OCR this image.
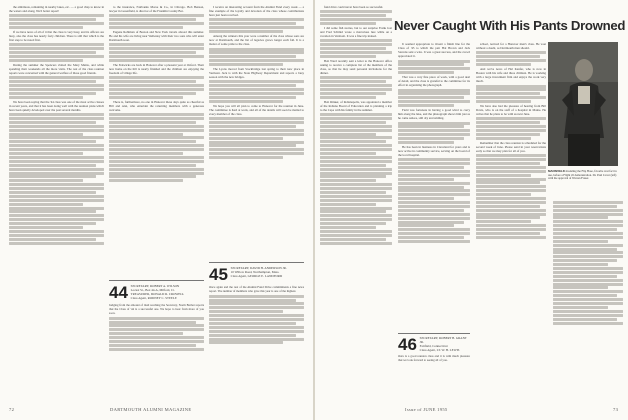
the ambitious, remaining in nearby lakes, etc. — a good chap to know in the waters and along, We'd better report!

If we have news of all of it that the class is very busy, and its officers are busy, also the class has nearly forty children. There is still that which is the first step to be noted first.

During the summer the Spencers visited the Mary Mains, and while spending their weekends all the more visits. The rest of the class reunion reports were concerned with the general welfare of those good friends.

We have been saying that the '44 class was one of the most active classes in recent years, and that it has been doing well with the reunion plans which have been quietly developed over the past several months.

to the insurance, Fairbanks Morse & Co., in Chicago. Bob Benson, lawyer in Greenfield, is director of the Franklin County Bar.

Eugene Rohlman of Boston and New York travels abroad this summer. He and his wife are living near Wellesley with their two sons who will enter Dartmouth soon.

The Fenwicks are back in Hanover after a pleasant year at Oxford. Their new home on the hill is nearly finished and the children are enjoying the freedom of village life.

There is, furthermore, no one in Hanover these days quite as cheerful as Bill and Ann, who entertain the returning members with a generous welcome.

I receive an interesting account from the Alumni Fund every week — a fine example of the loyalty and devotion of the class whose contributions have just been received.

Among the winners this year were a number of the class whose sons are now at Dartmouth, and the list of legacies grows longer each fall. It is a matter of some pride to the class.

The Lyons moved from Stockbridge last spring to their new place in Vermont. Jack is with the State Highway Department and reports a busy season with the new bridges.

We hope you will all plan to come to Hanover for the reunion in June. The committee is hard at work, and all of the details will soon be mailed to every member of the class.

44 SECRETARY, ROBERT A. WILSON
Locust St., Box 44-A, Milford, Ct.
TREASURER, DONALD R. CROWELL
Class Agent, RODNEY C. STEELE
Judging from the amount of mail reaching the Secretary, Norm Barber reports that the Class of '44 is a successful one. We hope to hear from more of you soon.
45 SECRETARY, DAVID H. ANDERSON JR.
10 Willow Road, Northampton, Mass.
Class Agent, GEORGE E. LANDFORD
Once again and the rest of the Alumni Fund Drive commitments a fine news report. The number of members who gave this year is one of the highest.
72	DARTMOUTH ALUMNI MAGAZINE

fund drive could never have been so successful.

I did some fish stories, but to our surprise Frank Jost and Fred Schmid wrote a marvelous lure while on a vacation in Vermont. It was a fine trip indeed.

Bob Ward recently sent a letter to the Hanover office asking to receive a complete list of the members of the class, so that he may send personal invitations for the dinner.

Bob Rinker, of Indianapolis, was appointed a member of the Indiana Board of Education and is planning a trip to the Cape with his family in the summer.

It seemed appropriate to invent a finish line for the Class of '45 to which the pair Hal Brown and Jack Stevens sent a wire. It was a great success, and the crowd appreciated it.

That was a very fine piece of work, with a good deal of detail, and the class is grateful to the committee for its effort in organizing the photograph.

Field was fortunate in having a good wind to carry him along the lake, and the photograph shows him just as he came ashore, still dry and smiling.

He has been in business in Cleveland for years and is now active in community service, serving on the board of the local hospital.

school, noticed for a Hanover men's class. He won without a doubt, as Dartmouth men should.

And we've news of Hal Kanfer, who is now in Boston with his wife and three children. He is working with a large investment firm and enjoys the work very much.

We have also had the pleasure of hearing from Bill Davis, who is on the staff of a hospital in Maine. He writes that he plans to be with us next June.

Remember that the class reunion is scheduled for the second week of June. Please send in your reservations early so that we may plan for all of you.

46 SECRETARY, ROBERT B. GRANT JR.
Fairfield, Connecticut
Class Agent, LT. W. H. LEWIS
Ours is a good reunion class and it is with much pleasure that we look forward to seeing all of you.
Issue of JUNE 1955	73
Never Caught With His Pants Drowned
MANSFIELD modeling the Flip Hose, favorite vest fact in use, before a Flight 45 demonstration. Dr. Paul Cover (left) with the approval of Warren Fraser.
